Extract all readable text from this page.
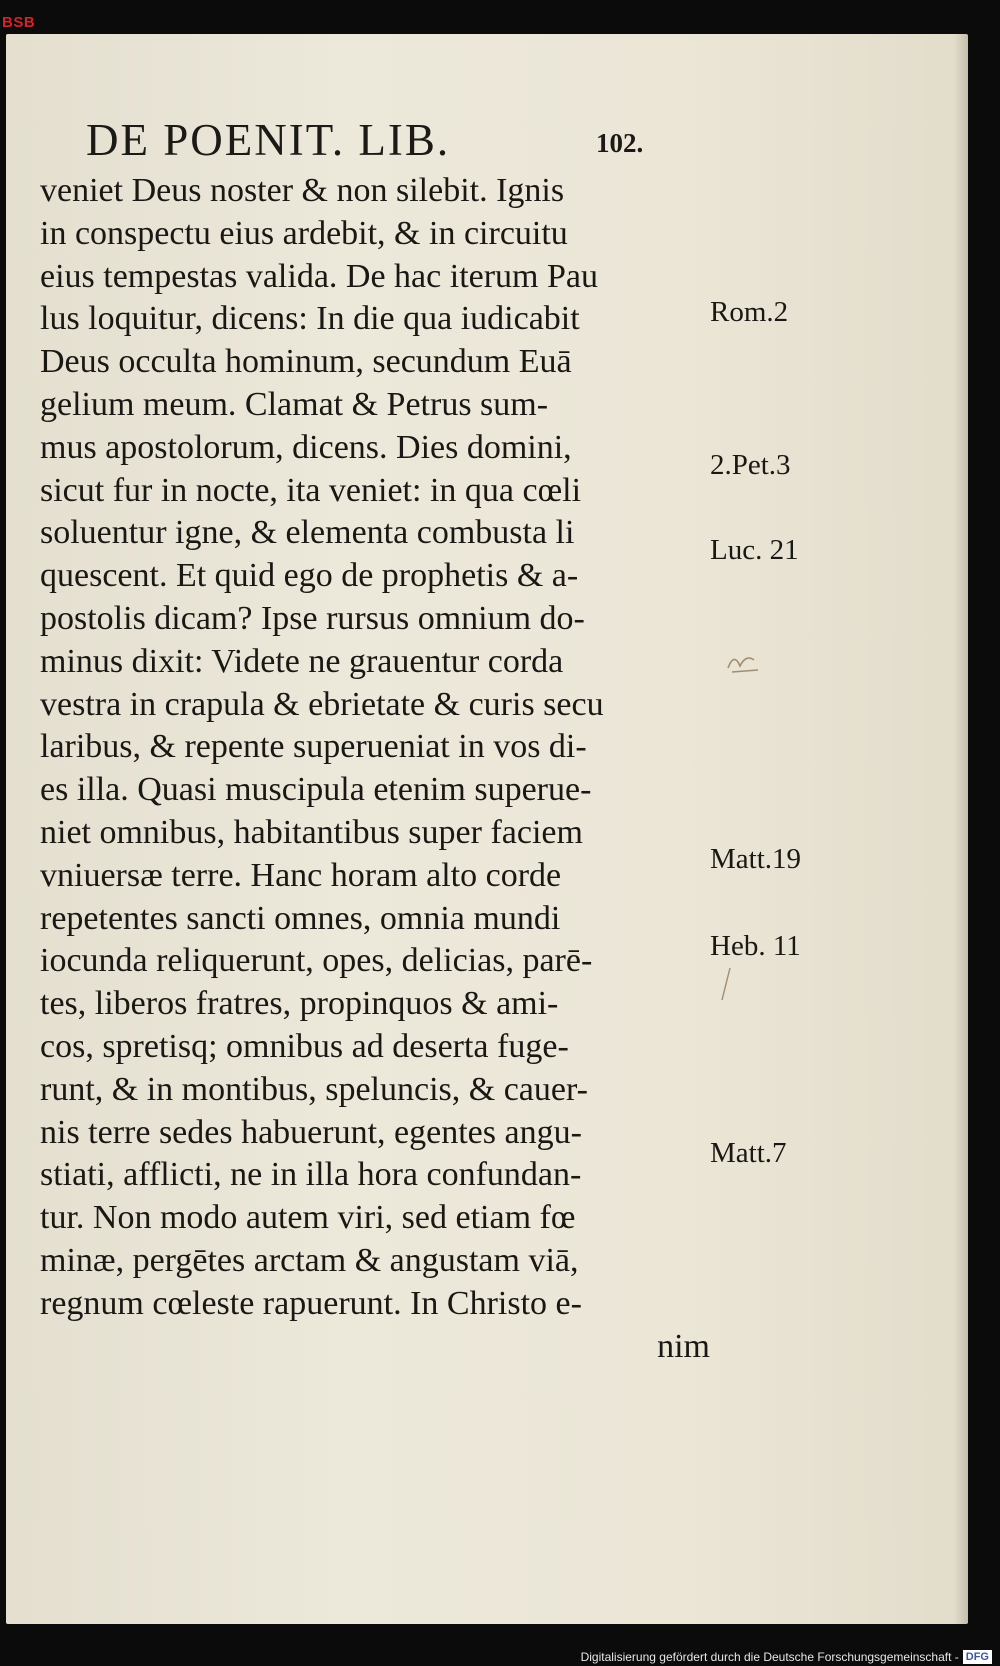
BSB
DE POENIT. LIB.	102.
veniet Deus noster & non silebit. Ignis
in conspectu eius ardebit, & in circuitu
eius tempestas valida. De hac iterum Pau
lus loquitur, dicens: In die qua iudicabit
Deus occulta hominum, secundum Euā
gelium meum. Clamat & Petrus sum-
mus apostolorum, dicens. Dies domini,
sicut fur in nocte, ita veniet: in qua cœli
soluentur igne, & elementa combusta li
quescent. Et quid ego de prophetis & a-
postolis dicam? Ipse rursus omnium do-
minus dixit: Videte ne grauentur corda
vestra in crapula & ebrietate & curis secu
laribus, & repente superueniat in vos di-
es illa. Quasi muscipula etenim superue-
niet omnibus, habitantibus super faciem
vniuersæ terre. Hanc horam alto corde
repetentes sancti omnes, omnia mundi
iocunda reliquerunt, opes, delicias, parē-
tes, liberos fratres, propinquos & ami-
cos, spretisq; omnibus ad deserta fuge-
runt, & in montibus, speluncis, & cauer-
nis terre sedes habuerunt, egentes angu-
stiati, afflicti, ne in illa hora confundan-
tur. Non modo autem viri, sed etiam fœ
minæ, pergētes arctam & angustam viā,
regnum cœleste rapuerunt. In Christo e-
nim
Rom.2
2.Pet.3
Luc. 21
Matt.19
Heb. 11
Matt.7
Digitalisierung gefördert durch die Deutsche Forschungsgemeinschaft - DFG
